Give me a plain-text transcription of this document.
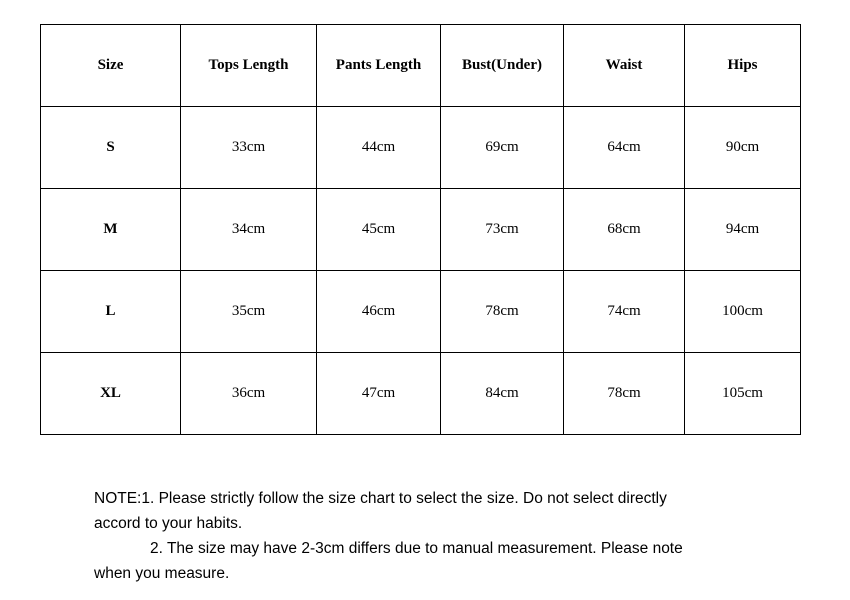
Size	Tops Length	Pants Length	Bust(Under)	Waist	Hips
S	33cm	44cm	69cm	64cm	90cm
M	34cm	45cm	73cm	68cm	94cm
L	35cm	46cm	78cm	74cm	100cm
XL	36cm	47cm	84cm	78cm	105cm

NOTE:1. Please strictly follow the size chart to select the size. Do not select directly

accord to your habits.

2. The size may have 2-3cm differs due to manual measurement. Please note

when you measure.
